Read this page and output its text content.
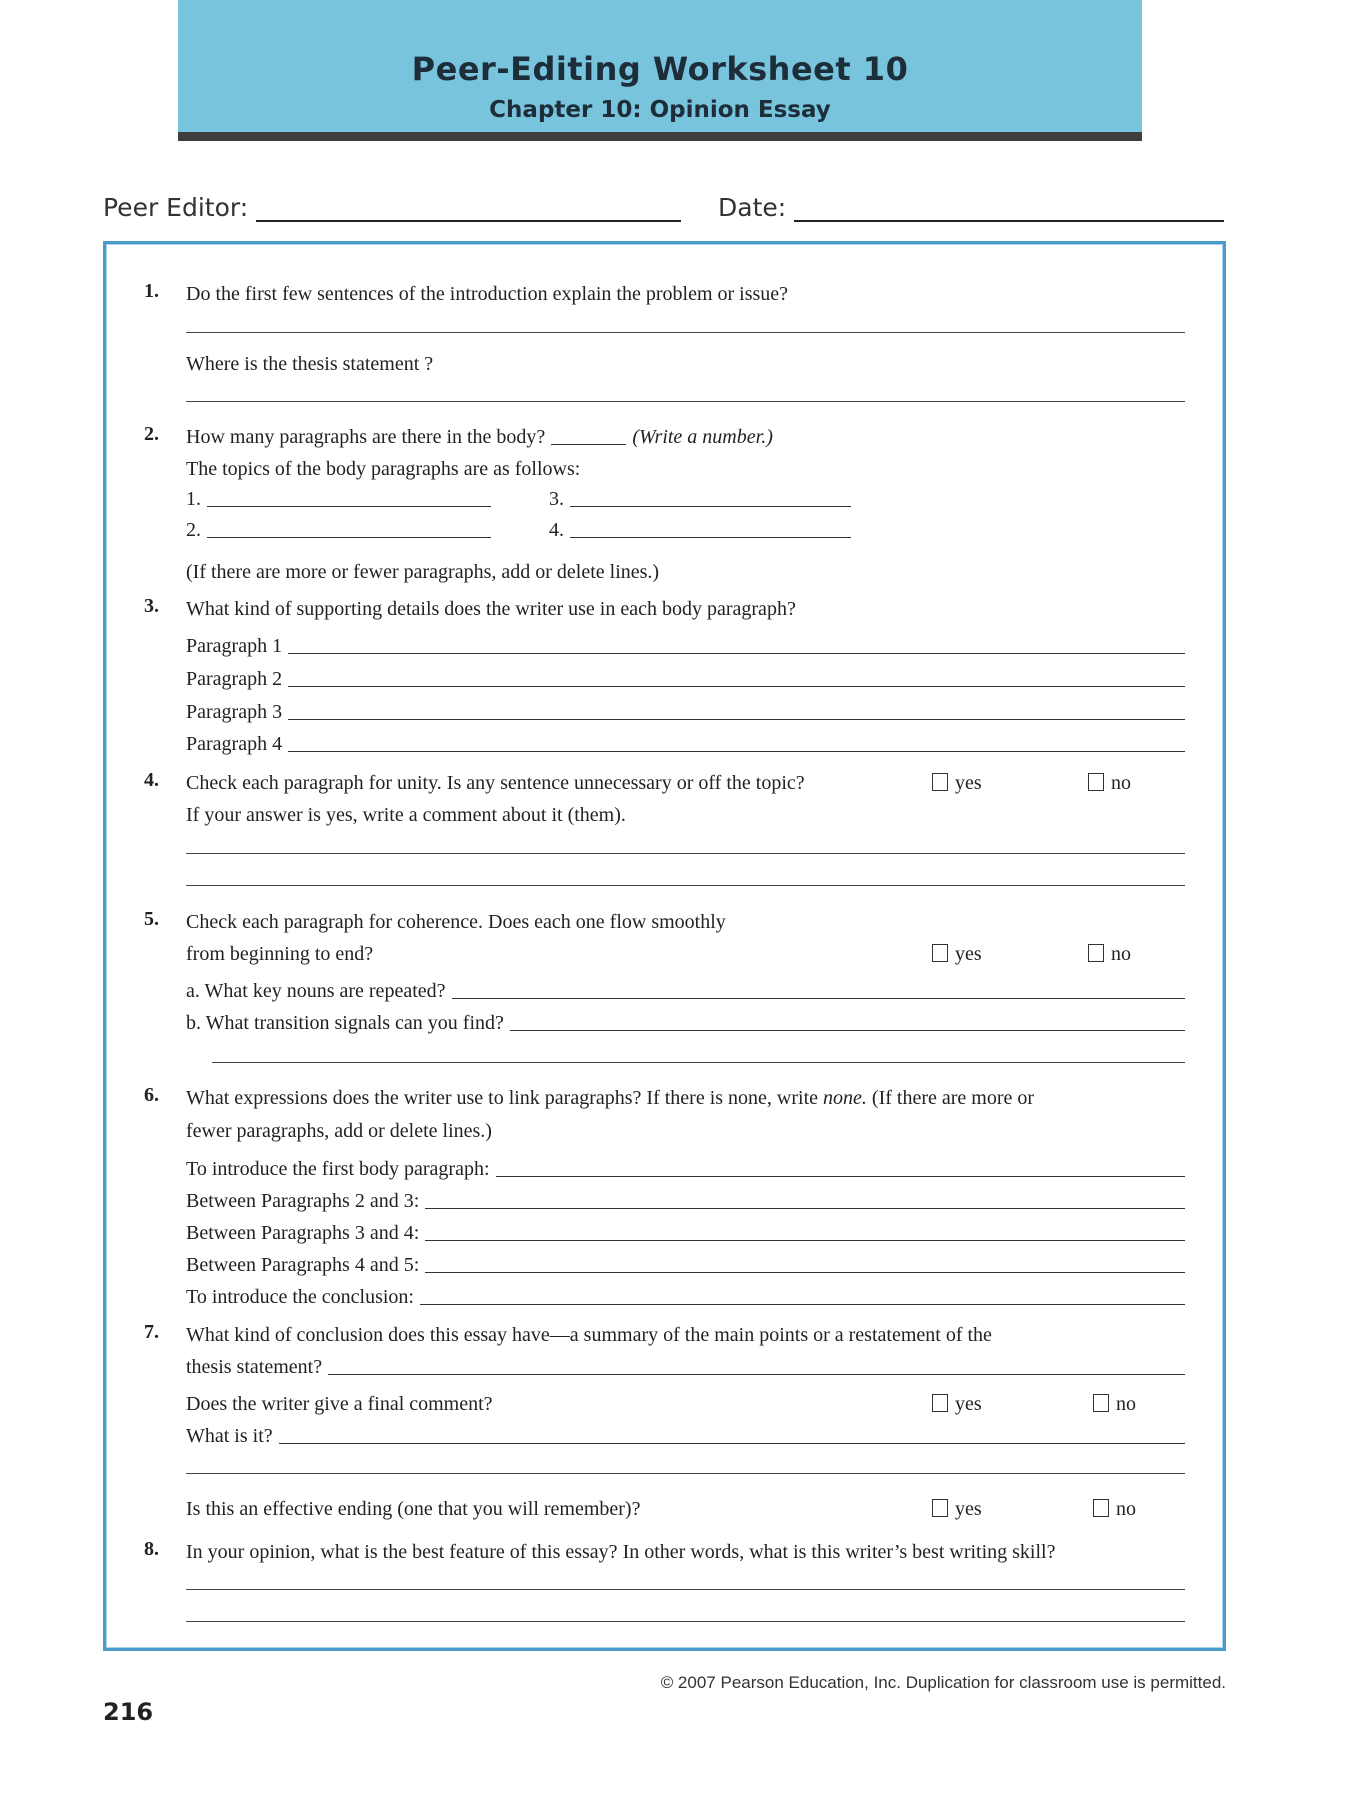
Peer-Editing Worksheet 10
Chapter 10: Opinion Essay
Peer Editor:	Date:
1. Do the first few sentences of the introduction explain the problem or issue?
Where is the thesis statement ?
2. How many paragraphs are there in the body?	(Write a number.)
The topics of the body paragraphs are as follows:
1.
2.
3.
4.
(If there are more or fewer paragraphs, add or delete lines.)
3. What kind of supporting details does the writer use in each body paragraph?
Paragraph 1
Paragraph 2
Paragraph 3
Paragraph 4
4. Check each paragraph for unity. Is any sentence unnecessary or off the topic?	yes	no
If your answer is yes, write a comment about it (them).
5. Check each paragraph for coherence. Does each one flow smoothly
from beginning to end?	yes	no
a. What key nouns are repeated?
b. What transition signals can you find?
6. What expressions does the writer use to link paragraphs? If there is none, write
none.
(If there are more or
fewer paragraphs, add or delete lines.)
To introduce the first body paragraph:
Between Paragraphs 2 and 3:
Between Paragraphs 3 and 4:
Between Paragraphs 4 and 5:
To introduce the conclusion:
7. What kind of conclusion does this essay have—a summary of the main points or a restatement of the
thesis statement?
Does the writer give a final comment?	yes	no
What is it?
Is this an effective ending (one that you will remember)?	yes	no
8. In your opinion, what is the best feature of this essay? In other words, what is this writer’s best writing skill?
© 2007 Pearson Education, Inc. Duplication for classroom use is permitted.
216
